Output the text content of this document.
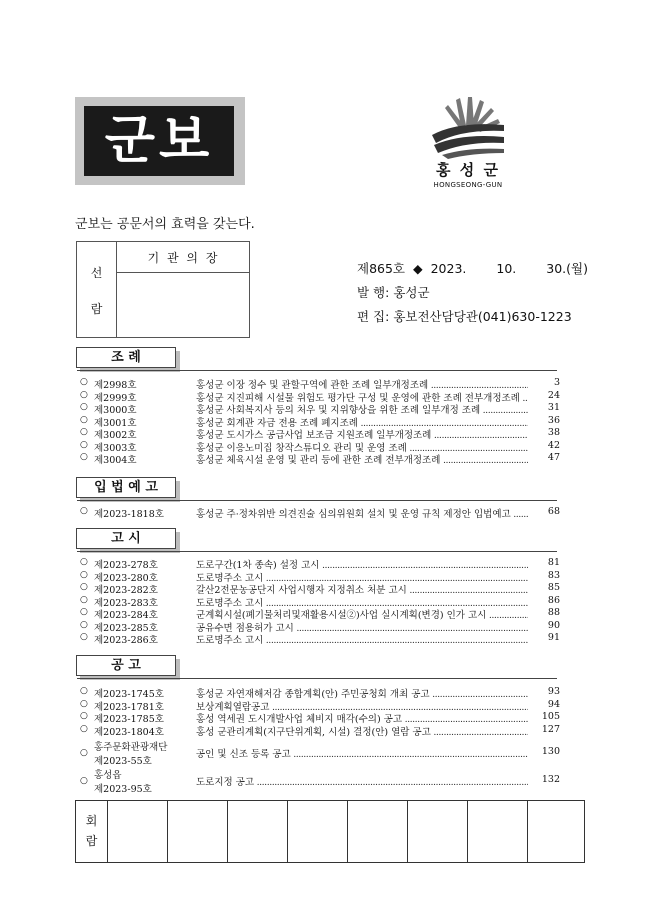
군보	홍 성 군
HONGSEONG-GUN
군보는 공문서의 효력을 갖는다.
선
람
기 관 의 장
제865호 ◆ 2023. 10. 30.(월)
발 행: 홍성군
편 집: 홍보전산담당관(041)630-1223
조 례
○ 제2998호	홍성군 이장 정수 및 관할구역에 관한 조례 일부개정조례 .....	3
○ 제2999호	홍성군 지진피해 시설물 위험도 평가단 구성 및 운영에 관한 조례 전부개정조례 .....	24
○ 제3000호	홍성군 사회복지사 등의 처우 및 지위향상을 위한 조례 일부개정 조례 .....	31
○ 제3001호	홍성군 회계관 자금 전용 조례 폐지조례 .....	36
○ 제3002호	홍성군 도시가스 공급사업 보조금 지원조례 일부개정조례 .....	38
○ 제3003호	홍성군 이응노미집 창작스튜디오 관리 및 운영 조례 .....	42
○ 제3004호	홍성군 체육시설 운영 및 관리 등에 관한 조례 전부개정조례 .....	47
입 법 예 고
○ 제2023-1818호	홍성군 주·정차위반 의견진술 심의위원회 설치 및 운영 규칙 제정안 입법예고 .....	68
고 시
○ 제2023-278호	도로구간(1차 종속) 설정 고시 .....	81
○ 제2023-280호	도로명주소 고시 .....	83
○ 제2023-282호	갈산2전문농공단지 사업시행자 지정취소 처분 고시 .....	85
○ 제2023-283호	도로명주소 고시 .....	86
○ 제2023-284호	군계획시설(폐기물처리및재활용시설②)사업 실시계획(변경) 인가 고시 .....	88
○ 제2023-285호	공유수면 점용허가 고시 .....	90
○ 제2023-286호	도로명주소 고시 .....	91
공 고
○ 제2023-1745호	홍성군 자연재해저감 종합계획(안) 주민공청회 개최 공고 .....	93
○ 제2023-1781호	보상계획열람공고 .....	94
○ 제2023-1785호	홍성 역세권 도시개발사업 체비지 매각(수의) 공고 .....	105
○ 제2023-1804호	홍성 군관리계획(지구단위계획, 시설) 결정(안) 열람 공고 .....	127
○ 홍주문화관광재단
제2023-55호
공인 및 신조 등록 공고 .....	130
○ 홍성읍
제2023-95호
도로지정 공고 .....	132
회
람
